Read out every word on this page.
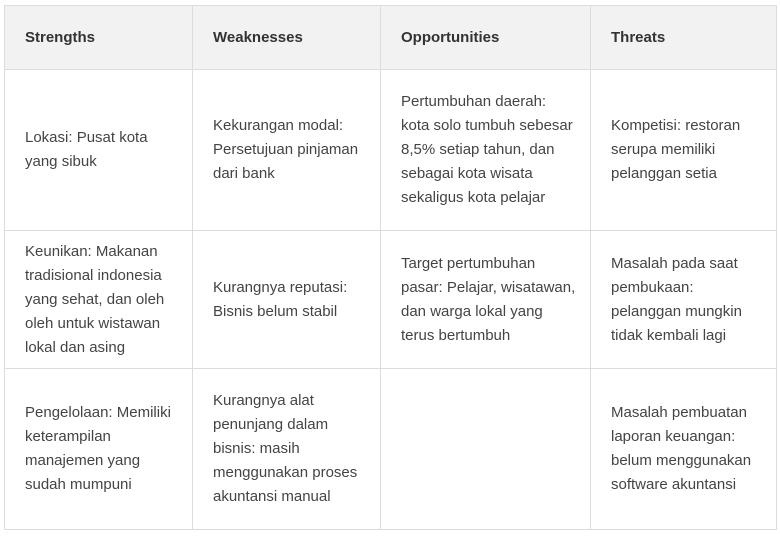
Strengths	Weaknesses	Opportunities	Threats
Lokasi: Pusat kota yang sibuk	Kekurangan modal: Persetujuan pinjaman dari bank	Pertumbuhan daerah: kota solo tumbuh sebesar 8,5% setiap tahun, dan sebagai kota wisata sekaligus kota pelajar	Kompetisi: restoran serupa memiliki pelanggan setia
Keunikan: Makanan tradisional indonesia yang sehat, dan oleh oleh untuk wistawan lokal dan asing	Kurangnya reputasi: Bisnis belum stabil	Target pertumbuhan pasar: Pelajar, wisatawan, dan warga lokal yang terus bertumbuh	Masalah pada saat pembukaan: pelanggan mungkin tidak kembali lagi
Pengelolaan: Memiliki keterampilan manajemen yang sudah mumpuni	Kurangnya alat penunjang dalam bisnis: masih menggunakan proses akuntansi manual		Masalah pembuatan laporan keuangan: belum menggunakan software akuntansi
